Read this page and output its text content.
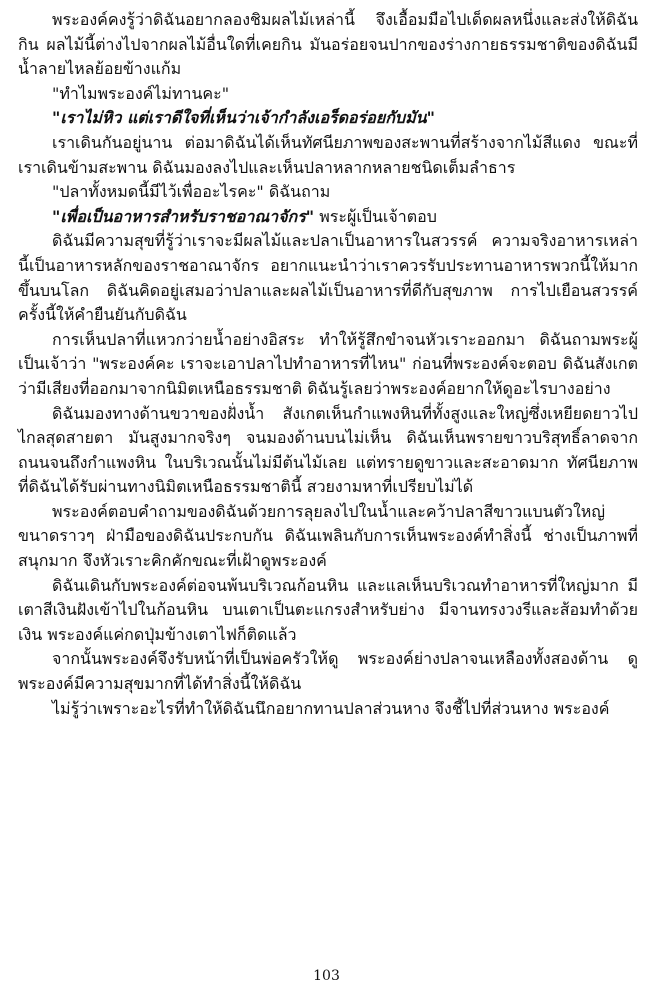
พระองค์คงรู้ว่าดิฉันอยากลองชิมผลไม้เหล่านี้ จึงเอื้อมมือไปเด็ดผลหนึ่งและส่งให้ดิฉันกิน ผลไม้นี้ต่างไปจากผลไม้อื่นใดที่เคยกิน มันอร่อยจนปากของร่างกายธรรมชาติของดิฉันมีน้ำลายไหลย้อยข้างแก้ม

"ทำไมพระองค์ไม่ทานคะ"

"เราไม่หิว แต่เราดีใจที่เห็นว่าเจ้ากำลังเอร็ดอร่อยกับมัน"

เราเดินกันอยู่นาน ต่อมาดิฉันได้เห็นทัศนียภาพของสะพานที่สร้างจากไม้สีแดง ขณะที่เราเดินข้ามสะพาน ดิฉันมองลงไปและเห็นปลาหลากหลายชนิดเต็มลำธาร

"ปลาทั้งหมดนี้มีไว้เพื่ออะไรคะ" ดิฉันถาม

"เพื่อเป็นอาหารสำหรับราชอาณาจักร" พระผู้เป็นเจ้าตอบ

ดิฉันมีความสุขที่รู้ว่าเราจะมีผลไม้และปลาเป็นอาหารในสวรรค์ ความจริงอาหารเหล่านี้เป็นอาหารหลักของราชอาณาจักร อยากแนะนำว่าเราควรรับประทานอาหารพวกนี้ให้มากขึ้นบนโลก ดิฉันคิดอยู่เสมอว่าปลาและผลไม้เป็นอาหารที่ดีกับสุขภาพ การไปเยือนสวรรค์ครั้งนี้ให้คำยืนยันกับดิฉัน

การเห็นปลาที่แหวกว่ายน้ำอย่างอิสระ ทำให้รู้สึกขำจนหัวเราะออกมา ดิฉันถามพระผู้เป็นเจ้าว่า "พระองค์คะ เราจะเอาปลาไปทำอาหารที่ไหน" ก่อนที่พระองค์จะตอบ ดิฉันสังเกตว่ามีเสียงที่ออกมาจากนิมิตเหนือธรรมชาติ ดิฉันรู้เลยว่าพระองค์อยากให้ดูอะไรบางอย่าง

ดิฉันมองทางด้านขวาของฝั่งน้ำ สังเกตเห็นกำแพงหินที่ทั้งสูงและใหญ่ซึ่งเหยียดยาวไปไกลสุดสายตา มันสูงมากจริงๆ จนมองด้านบนไม่เห็น ดิฉันเห็นพรายขาวบริสุทธิ์ลาดจากถนนจนถึงกำแพงหิน ในบริเวณนั้นไม่มีต้นไม้เลย แต่ทรายดูขาวและสะอาดมาก ทัศนียภาพที่ดิฉันได้รับผ่านทางนิมิตเหนือธรรมชาตินี้ สวยงามหาที่เปรียบไม่ได้

พระองค์ตอบคำถามของดิฉันด้วยการลุยลงไปในน้ำและคว้าปลาสีขาวแบนตัวใหญ่ขนาดราวๆ ฝ่ามือของดิฉันประกบกัน ดิฉันเพลินกับการเห็นพระองค์ทำสิ่งนี้ ช่างเป็นภาพที่สนุกมาก จึงหัวเราะคิกคักขณะที่เฝ้าดูพระองค์

ดิฉันเดินกับพระองค์ต่อจนพ้นบริเวณก้อนหิน และแลเห็นบริเวณทำอาหารที่ใหญ่มาก มีเตาสีเงินฝังเข้าไปในก้อนหิน บนเตาเป็นตะแกรงสำหรับย่าง มีจานทรงวงรีและส้อมทำด้วยเงิน พระองค์แค่กดปุ่มข้างเตาไฟก็ติดแล้ว

จากนั้นพระองค์จึงรับหน้าที่เป็นพ่อครัวให้ดู พระองค์ย่างปลาจนเหลืองทั้งสองด้าน ดูพระองค์มีความสุขมากที่ได้ทำสิ่งนี้ให้ดิฉัน

ไม่รู้ว่าเพราะอะไรที่ทำให้ดิฉันนึกอยากทานปลาส่วนหาง จึงชี้ไปที่ส่วนหาง พระองค์

103
